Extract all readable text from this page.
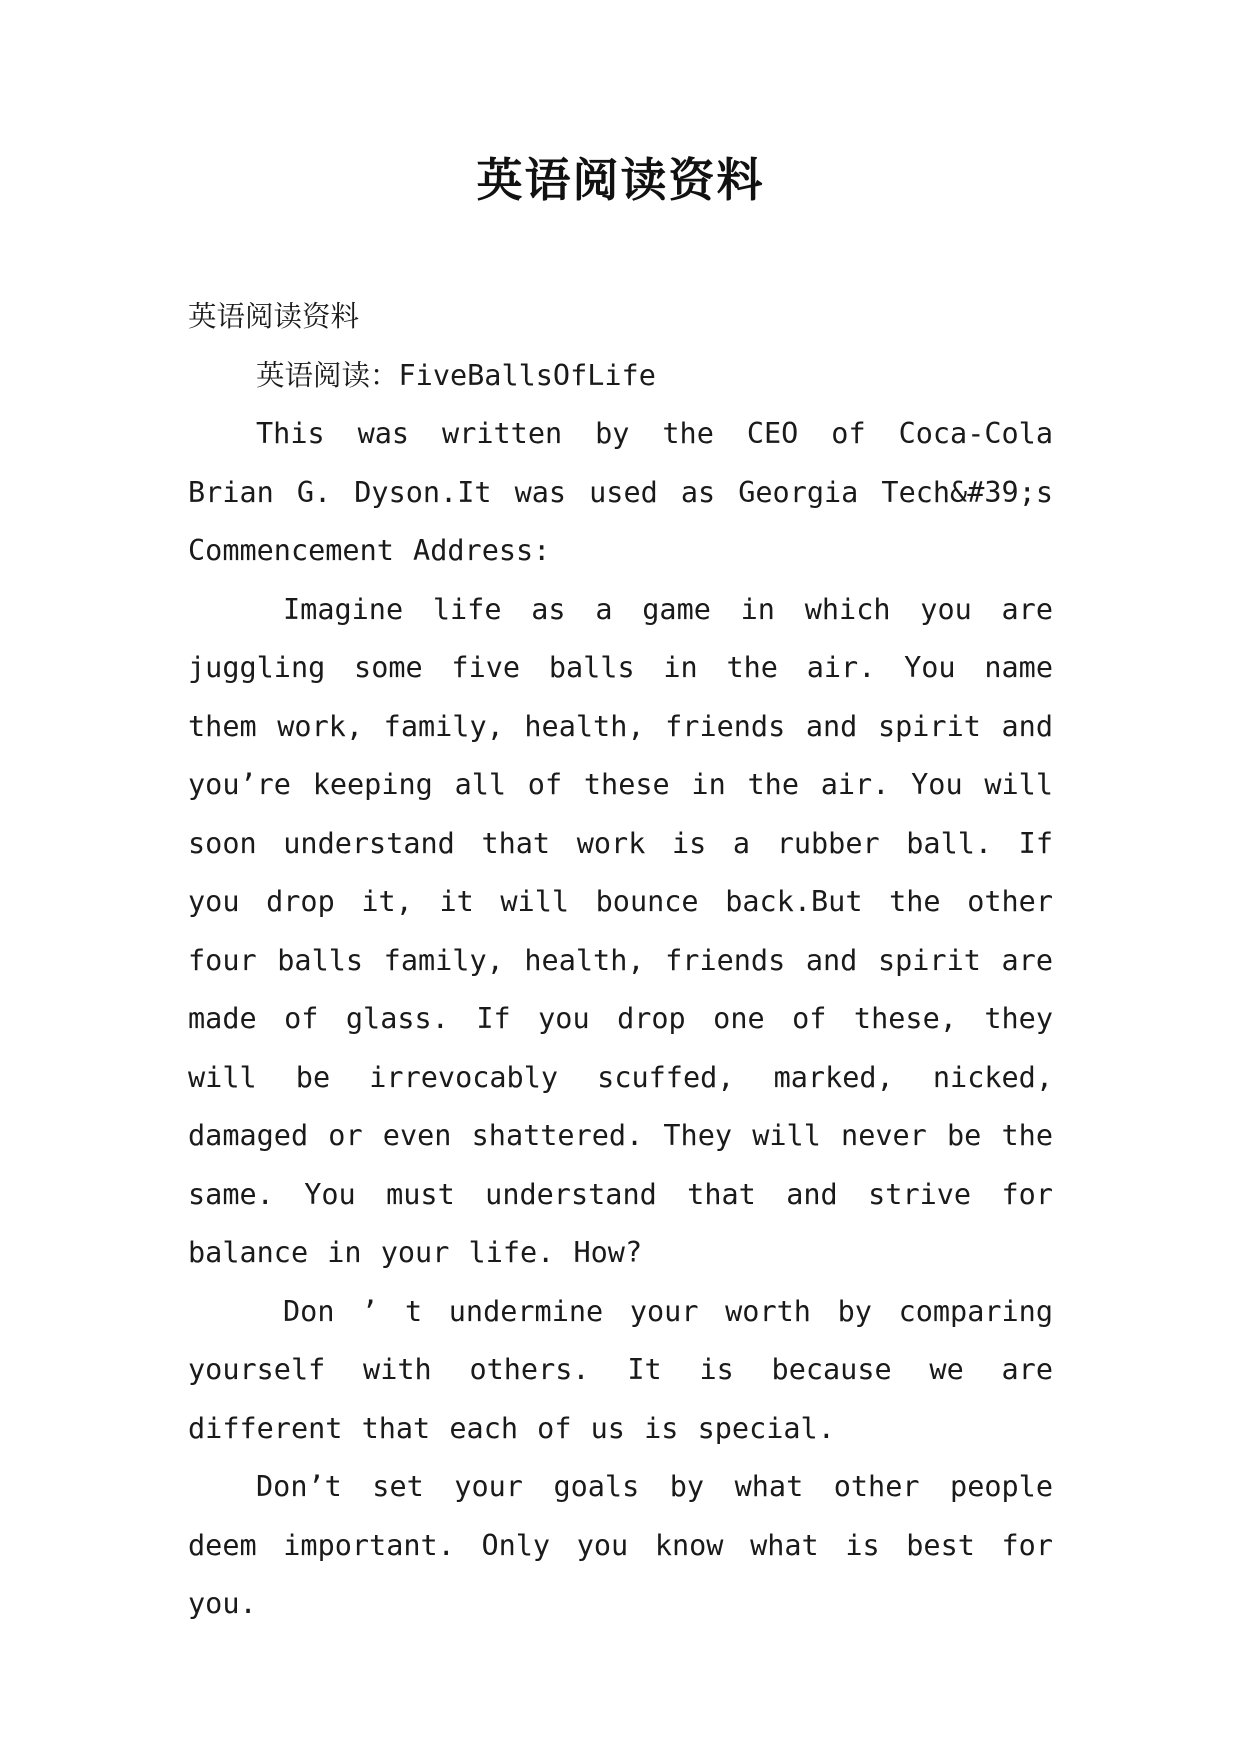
英语阅读资料

英语阅读资料

英语阅读：FiveBallsOfLife

This was written by the CEO of Coca-Cola Brian G. Dyson.It was used as Georgia Tech&#39;s Commencement Address:

Imagine life as a game in which you are juggling some five balls in the air. You name them work, family, health, friends and spirit and you’re keeping all of these in the air. You will soon understand that work is a rubber ball. If you drop it, it will bounce back.But the other four balls family, health, friends and spirit are made of glass. If you drop one of these, they will be irrevocably scuffed, marked, nicked, damaged or even shattered. They will never be the same. You must understand that and strive for balance in your life. How?

Don ’ t undermine your worth by comparing yourself with others. It is because we are different that each of us is special.

Don’t set your goals by what other people deem important. Only you know what is best for you.
